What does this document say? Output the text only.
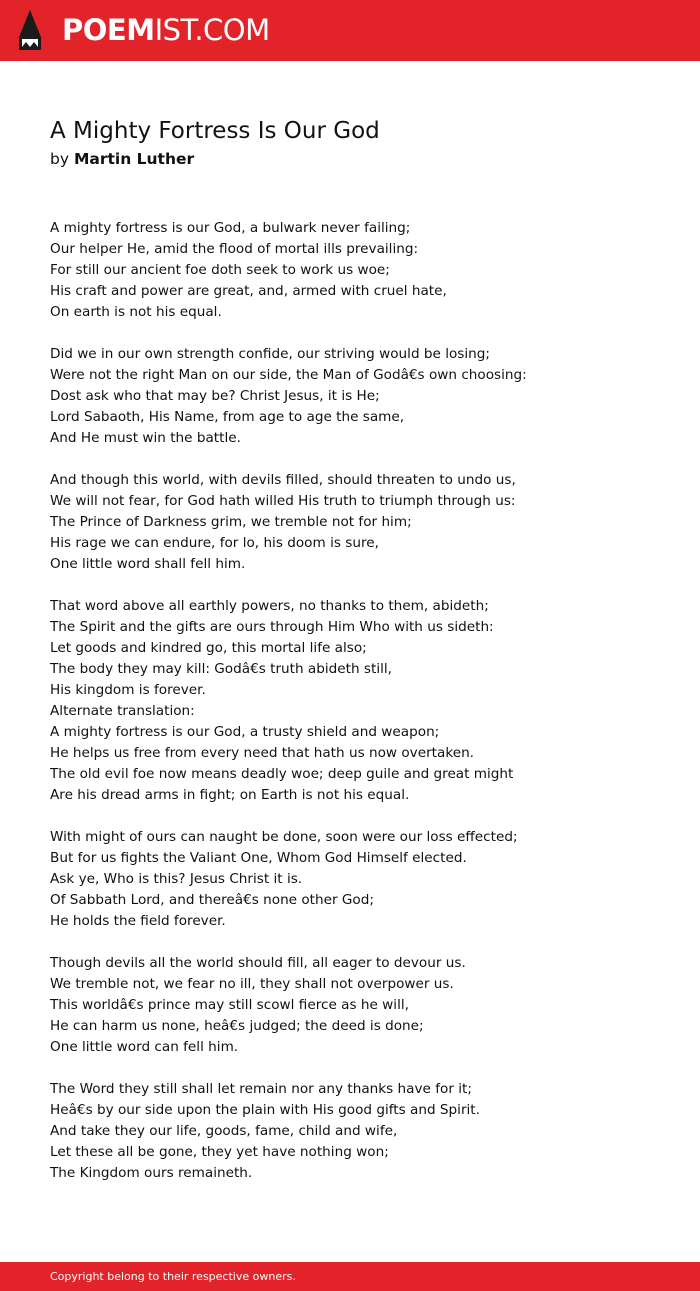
POEMIST.COM
A Mighty Fortress Is Our God
by Martin Luther
A mighty fortress is our God, a bulwark never failing;
Our helper He, amid the flood of mortal ills prevailing:
For still our ancient foe doth seek to work us woe;
His craft and power are great, and, armed with cruel hate,
On earth is not his equal.
Did we in our own strength confide, our striving would be losing;
Were not the right Man on our side, the Man of Godâ€s own choosing:
Dost ask who that may be? Christ Jesus, it is He;
Lord Sabaoth, His Name, from age to age the same,
And He must win the battle.
And though this world, with devils filled, should threaten to undo us,
We will not fear, for God hath willed His truth to triumph through us:
The Prince of Darkness grim, we tremble not for him;
His rage we can endure, for lo, his doom is sure,
One little word shall fell him.
That word above all earthly powers, no thanks to them, abideth;
The Spirit and the gifts are ours through Him Who with us sideth:
Let goods and kindred go, this mortal life also;
The body they may kill: Godâ€s truth abideth still,
His kingdom is forever.
Alternate translation:
A mighty fortress is our God, a trusty shield and weapon;
He helps us free from every need that hath us now overtaken.
The old evil foe now means deadly woe; deep guile and great might
Are his dread arms in fight; on Earth is not his equal.
With might of ours can naught be done, soon were our loss effected;
But for us fights the Valiant One, Whom God Himself elected.
Ask ye, Who is this? Jesus Christ it is.
Of Sabbath Lord, and thereâ€s none other God;
He holds the field forever.
Though devils all the world should fill, all eager to devour us.
We tremble not, we fear no ill, they shall not overpower us.
This worldâ€s prince may still scowl fierce as he will,
He can harm us none, heâ€s judged; the deed is done;
One little word can fell him.
The Word they still shall let remain nor any thanks have for it;
Heâ€s by our side upon the plain with His good gifts and Spirit.
And take they our life, goods, fame, child and wife,
Let these all be gone, they yet have nothing won;
The Kingdom ours remaineth.
Copyright belong to their respective owners.
